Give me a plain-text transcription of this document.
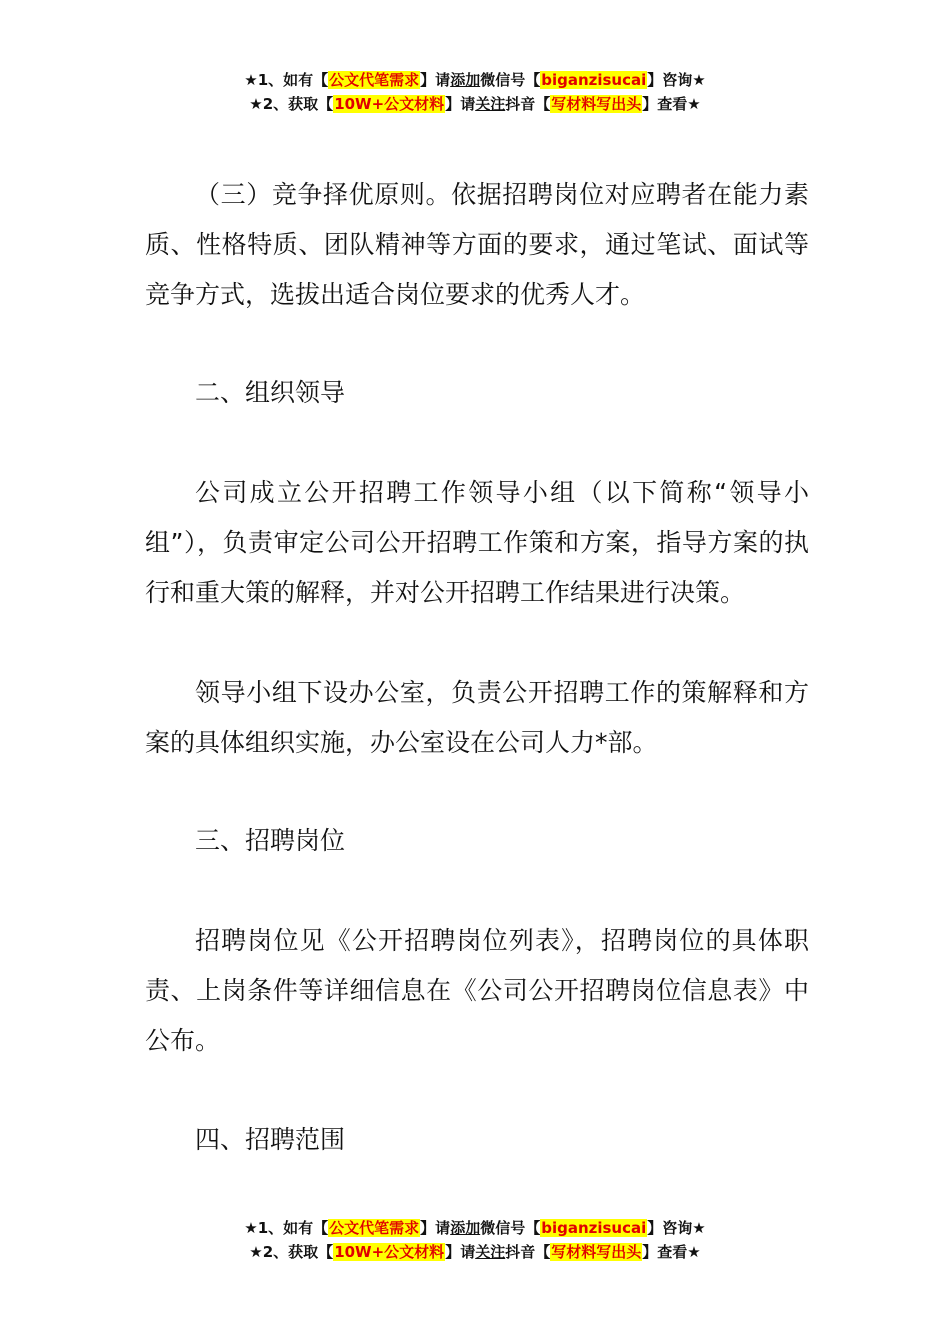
★1、如有【公文代笔需求】请添加微信号【biganzisucai】咨询★
★2、获取【10W+公文材料】请关注抖音【写材料写出头】查看★

（三）竞争择优原则。依据招聘岗位对应聘者在能力素质、性格特质、团队精神等方面的要求，通过笔试、面试等竞争方式，选拔出适合岗位要求的优秀人才。

二、组织领导

公司成立公开招聘工作领导小组（以下简称“领导小组”），负责审定公司公开招聘工作策和方案，指导方案的执行和重大策的解释，并对公开招聘工作结果进行决策。

领导小组下设办公室，负责公开招聘工作的策解释和方案的具体组织实施，办公室设在公司人力*部。

三、招聘岗位

招聘岗位见《公开招聘岗位列表》，招聘岗位的具体职责、上岗条件等详细信息在《公司公开招聘岗位信息表》中公布。

四、招聘范围

★1、如有【公文代笔需求】请添加微信号【biganzisucai】咨询★
★2、获取【10W+公文材料】请关注抖音【写材料写出头】查看★
